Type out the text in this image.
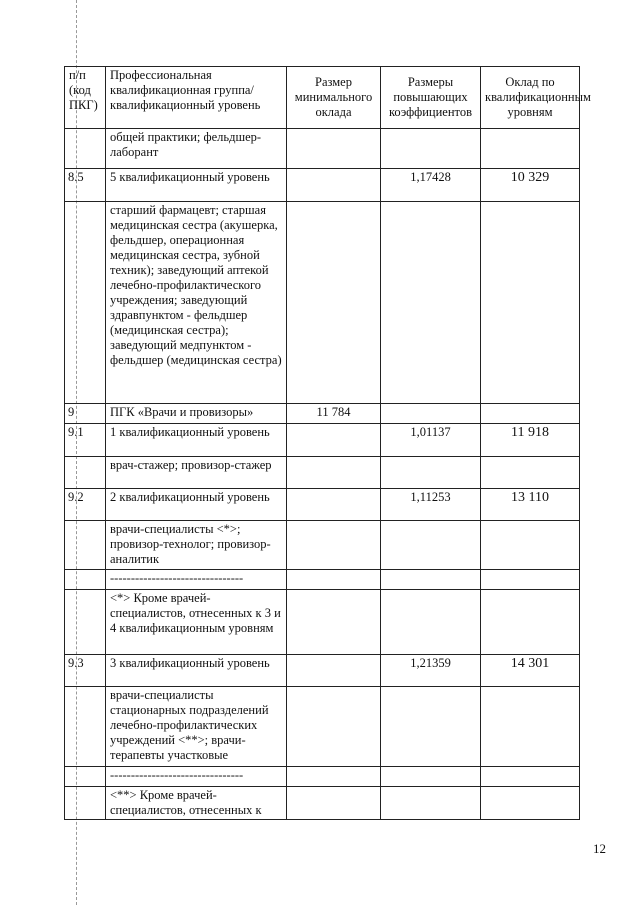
п/п (код ПКГ)	Профессиональная квалификационная группа/квалификационный уровень	Размер минимального оклада	Размеры повышающих коэффициентов	Оклад по квалификационным уровням
	общей практики; фельдшер-лаборант			
8.5	5 квалификационный уровень		1,17428	10 329
	старший фармацевт; старшая медицинская сестра (акушерка, фельдшер, операционная медицинская сестра, зубной техник); заведующий аптекой лечебно-профилактического учреждения; заведующий здравпунктом - фельдшер (медицинская сестра); заведующий медпунктом - фельдшер (медицинская сестра)			
9	ПГК «Врачи и провизоры»	11 784		
9.1	1 квалификационный уровень		1,01137	11 918
	врач-стажер; провизор-стажер			
9.2	2 квалификационный уровень		1,11253	13 110
	врачи-специалисты <*>; провизор-технолог; провизор-аналитик			
	--------------------------------			
	<*> Кроме врачей-специалистов, отнесенных к 3 и 4 квалификационным уровням			
9.3	3 квалификационный уровень		1,21359	14 301
	врачи-специалисты стационарных подразделений лечебно-профилактических учреждений <**>; врачи-терапевты участковые			
	--------------------------------			
	<**> Кроме врачей-специалистов, отнесенных к			
12
